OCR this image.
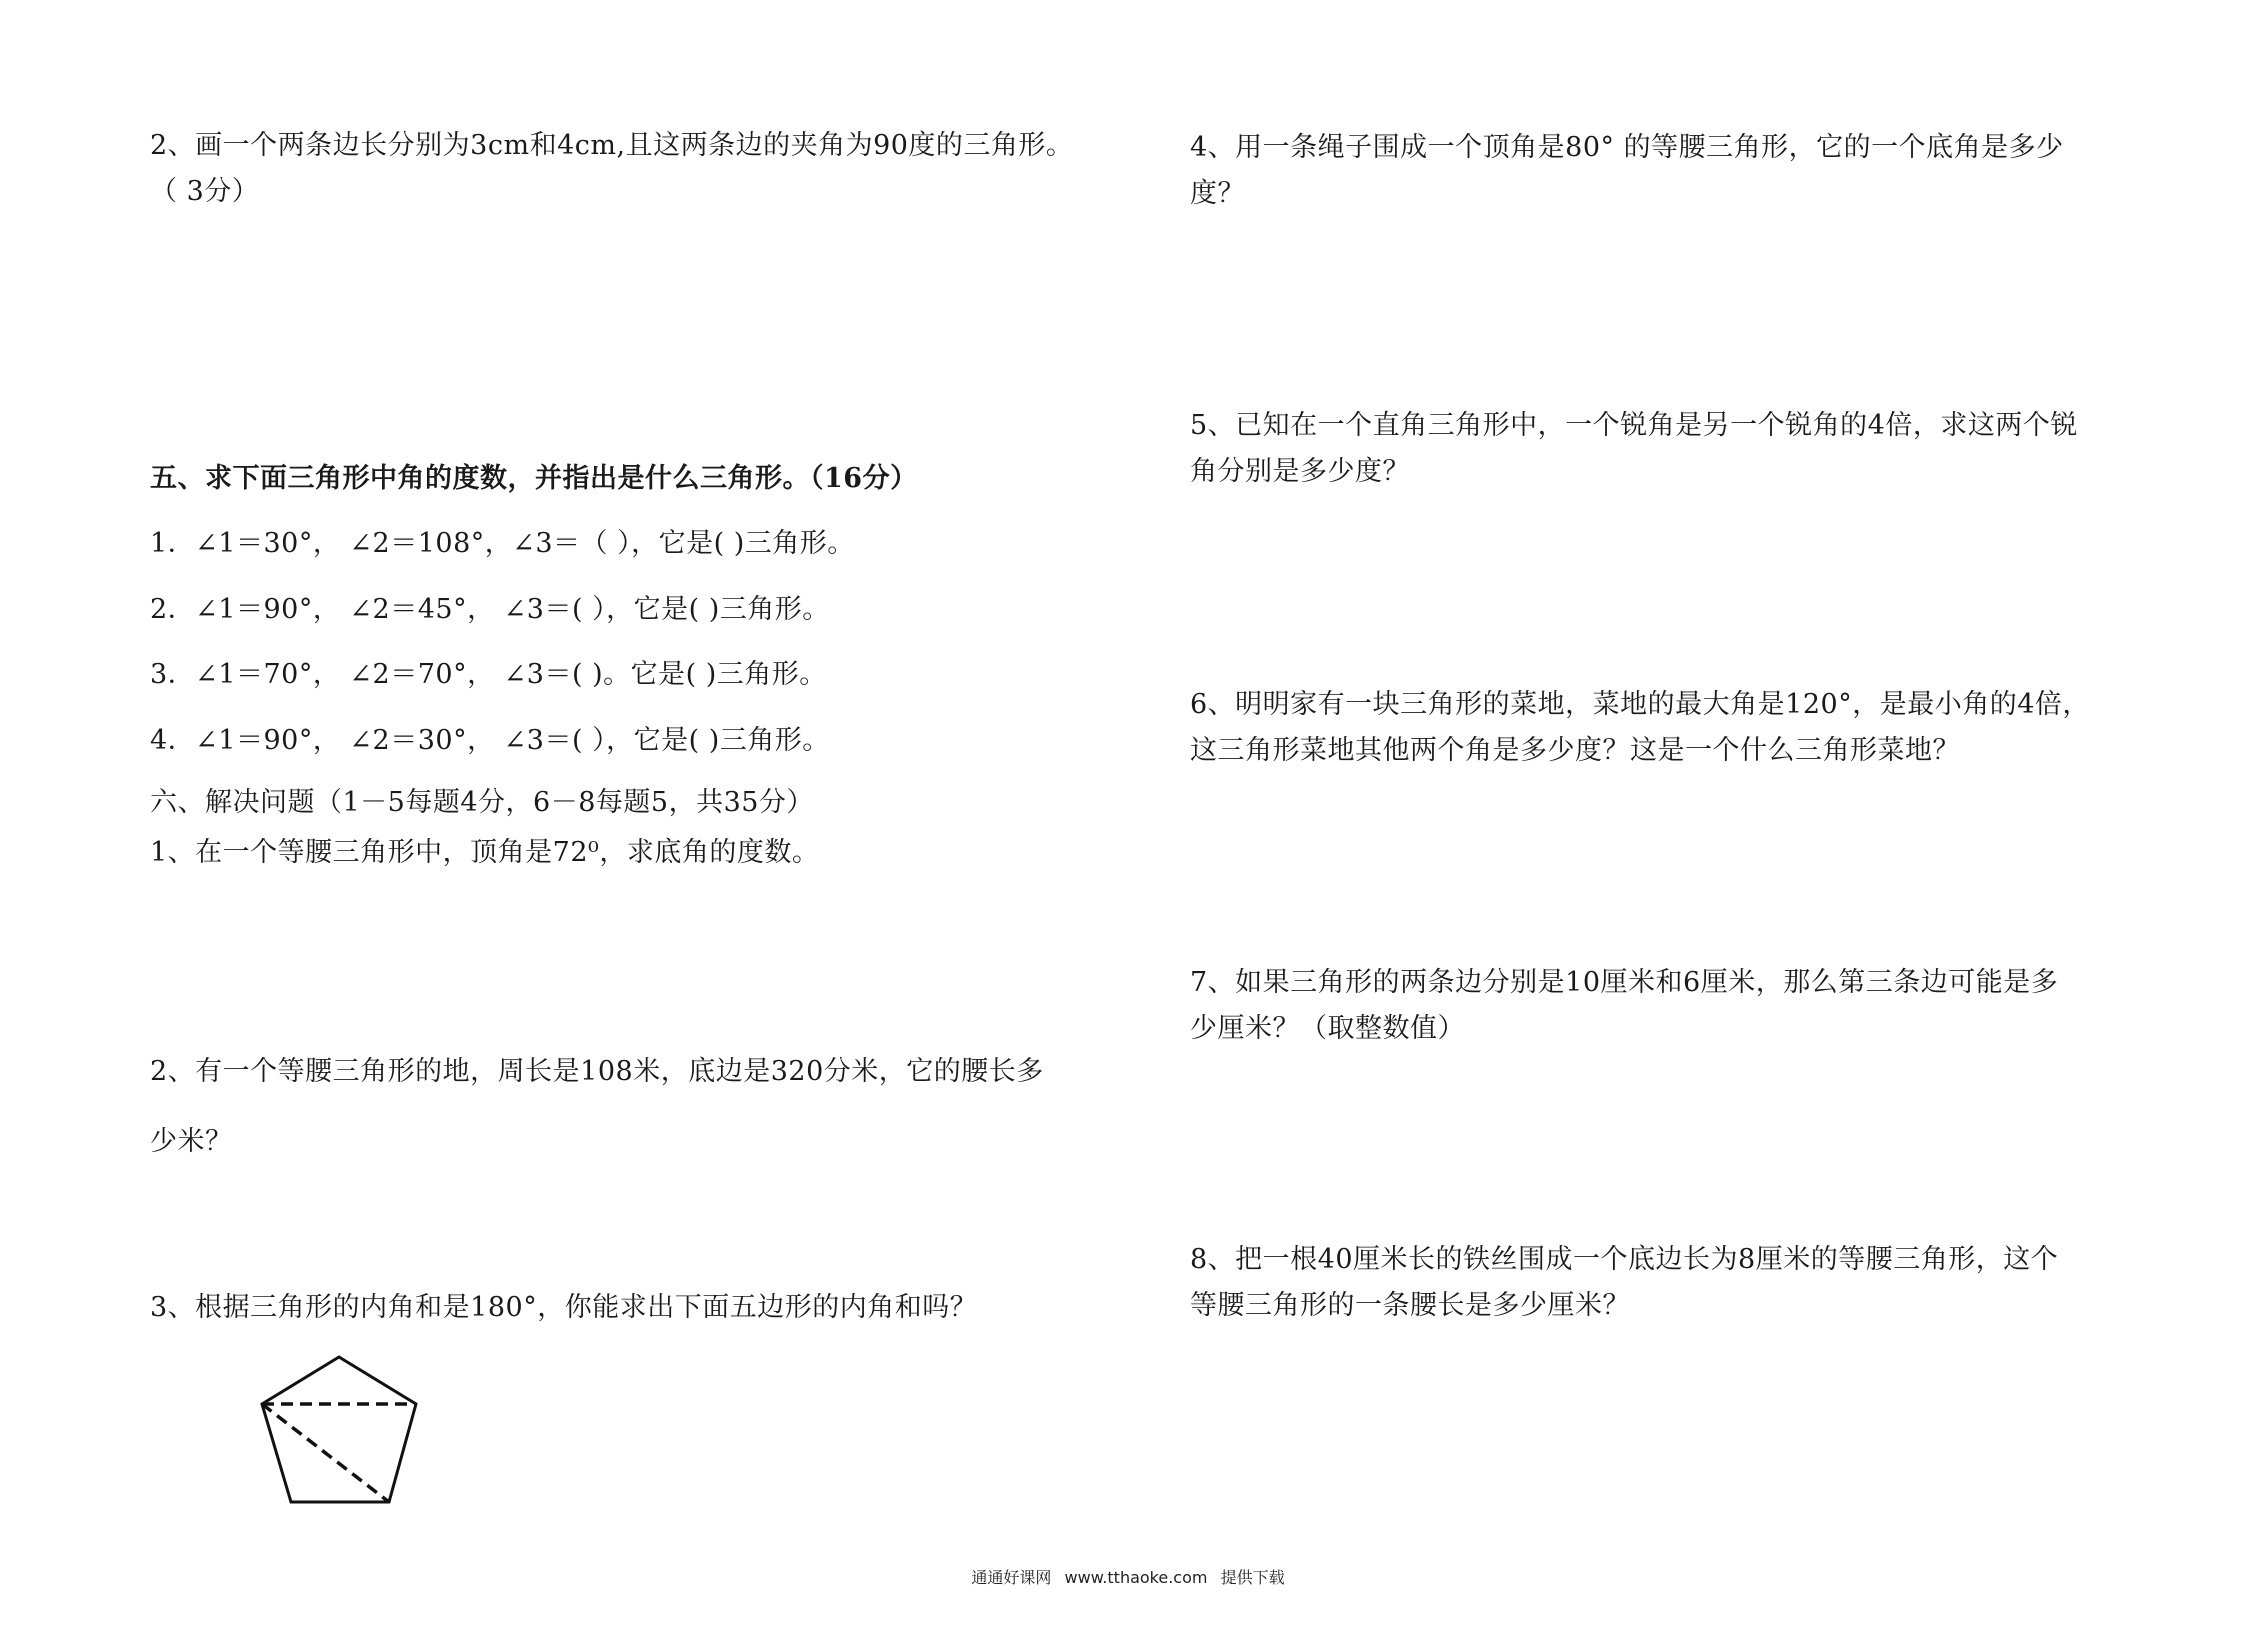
2、画一个两条边长分别为3cm和4cm,且这两条边的夹角为90度的三角形。
（ 3分）
五、求下面三角形中角的度数，并指出是什么三角形。（16分）
1．∠1＝30°， ∠2＝108°，∠3＝（ ），它是( )三角形。
2．∠1＝90°， ∠2＝45°， ∠3＝( ），它是( )三角形。
3．∠1＝70°， ∠2＝70°， ∠3＝( )。它是( )三角形。
4．∠1＝90°， ∠2＝30°， ∠3＝( ），它是( )三角形。
六、解决问题（1－5每题4分，6－8每题5，共35分）
1、在一个等腰三角形中，顶角是72⁰，求底角的度数。
2、有一个等腰三角形的地，周长是108米，底边是320分米，它的腰长多
少米？
3、根据三角形的内角和是180°，你能求出下面五边形的内角和吗？
4、用一条绳子围成一个顶角是80° 的等腰三角形，它的一个底角是多少
度？
5、已知在一个直角三角形中，一个锐角是另一个锐角的4倍，求这两个锐
角分别是多少度？
6、明明家有一块三角形的菜地，菜地的最大角是120°，是最小角的4倍，
这三角形菜地其他两个角是多少度？这是一个什么三角形菜地？
7、如果三角形的两条边分别是10厘米和6厘米，那么第三条边可能是多
少厘米？（取整数值）
8、把一根40厘米长的铁丝围成一个底边长为8厘米的等腰三角形，这个
等腰三角形的一条腰长是多少厘米？
通通好课网 www.tthaoke.com 提供下载
